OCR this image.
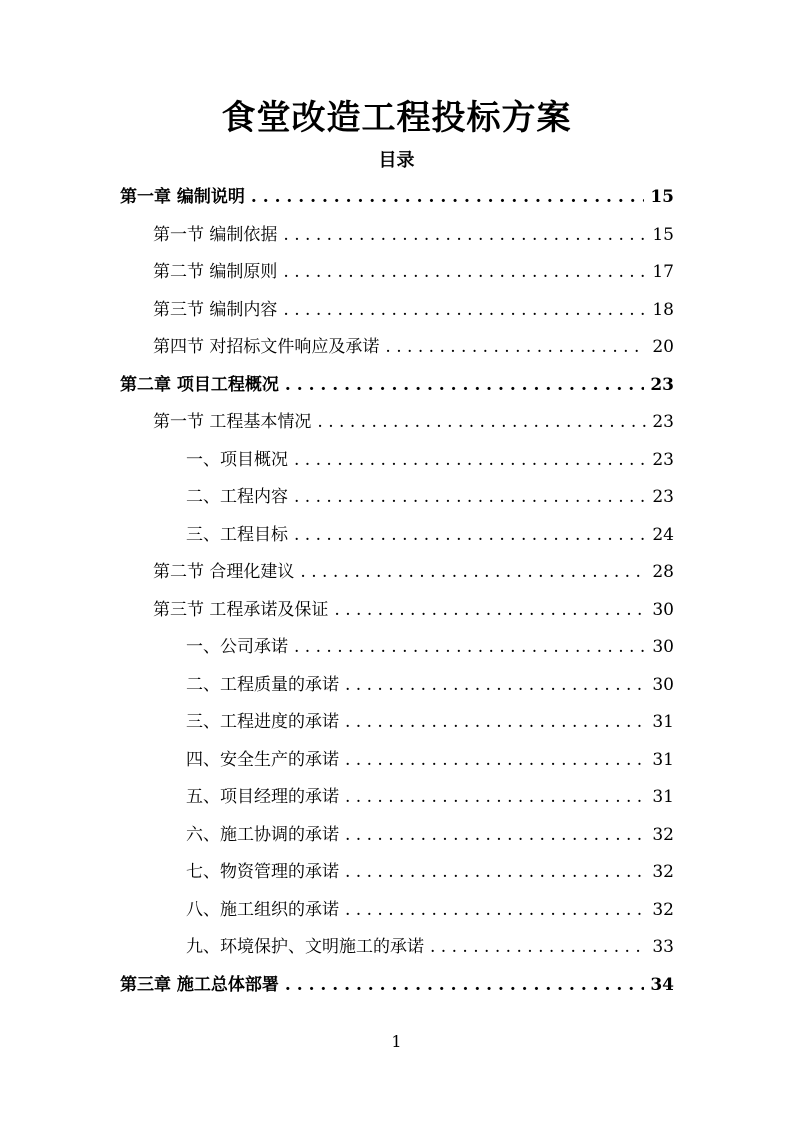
食堂改造工程投标方案
目录
第一章 编制说明 . . .	15
第一节 编制依据 . . .	15
第二节 编制原则 . . .	17
第三节 编制内容 . . .	18
第四节 对招标文件响应及承诺 . . .	20
第二章 项目工程概况 . . .	23
第一节 工程基本情况 . . .	23
一、项目概况 . . .	23
二、工程内容 . . .	23
三、工程目标 . . .	24
第二节 合理化建议 . . .	28
第三节 工程承诺及保证 . . .	30
一、公司承诺 . . .	30
二、工程质量的承诺 . . .	30
三、工程进度的承诺 . . .	31
四、安全生产的承诺 . . .	31
五、项目经理的承诺 . . .	31
六、施工协调的承诺 . . .	32
七、物资管理的承诺 . . .	32
八、施工组织的承诺 . . .	32
九、环境保护、文明施工的承诺 . . .	33
第三章 施工总体部署 . . .	34
1
